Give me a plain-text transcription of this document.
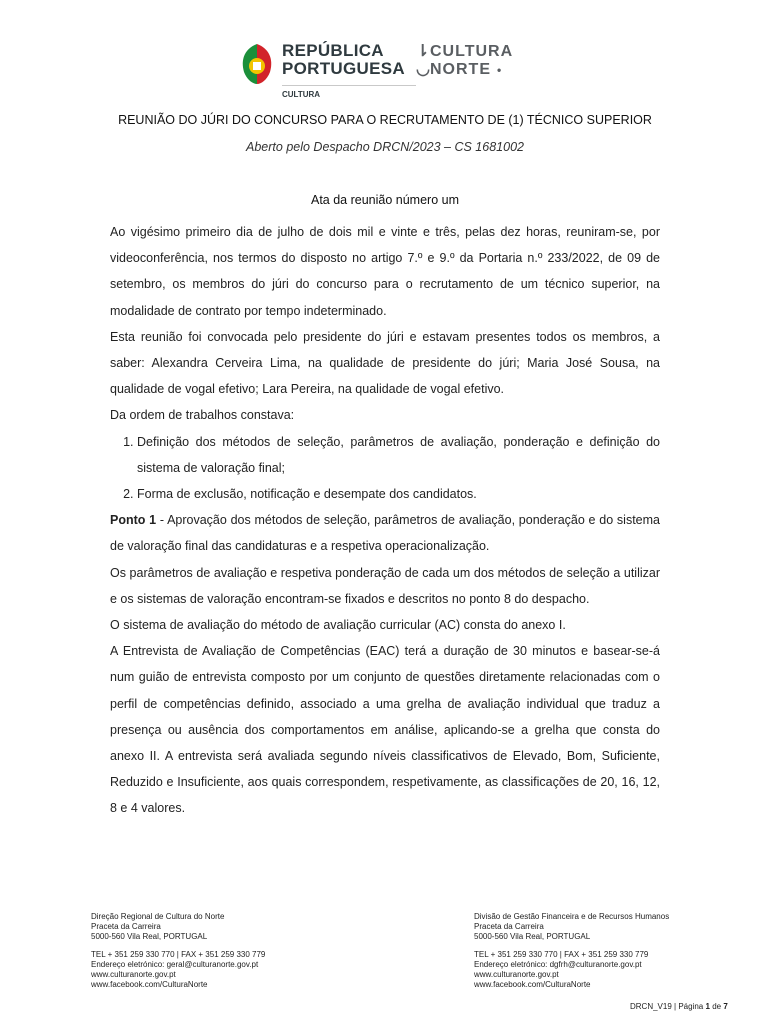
REPÚBLICA
PORTUGUESA
CULTURA
⇂CULTURA
◡NORTE •
REUNIÃO DO JÚRI DO CONCURSO PARA O RECRUTAMENTO DE (1) TÉCNICO SUPERIOR
Aberto pelo Despacho DRCN/2023 – CS 1681002
Ata da reunião número um

Ao vigésimo primeiro dia de julho de dois mil e vinte e três, pelas dez horas, reuniram-se, por videoconferência, nos termos do disposto no artigo 7.º e 9.º da Portaria n.º 233/2022, de 09 de setembro, os membros do júri do concurso para o recrutamento de um técnico superior, na modalidade de contrato por tempo indeterminado.

Esta reunião foi convocada pelo presidente do júri e estavam presentes todos os membros, a saber: Alexandra Cerveira Lima, na qualidade de presidente do júri; Maria José Sousa, na qualidade de vogal efetivo; Lara Pereira, na qualidade de vogal efetivo.

Da ordem de trabalhos constava:

1. Definição dos métodos de seleção, parâmetros de avaliação, ponderação e definição do sistema de valoração final;
2. Forma de exclusão, notificação e desempate dos candidatos.

Ponto 1 - Aprovação dos métodos de seleção, parâmetros de avaliação, ponderação e do sistema de valoração final das candidaturas e a respetiva operacionalização.

Os parâmetros de avaliação e respetiva ponderação de cada um dos métodos de seleção a utilizar e os sistemas de valoração encontram-se fixados e descritos no ponto 8 do despacho.

O sistema de avaliação do método de avaliação curricular (AC) consta do anexo I.

A Entrevista de Avaliação de Competências (EAC) terá a duração de 30 minutos e basear-se-á num guião de entrevista composto por um conjunto de questões diretamente relacionadas com o perfil de competências definido, associado a uma grelha de avaliação individual que traduz a presença ou ausência dos comportamentos em análise, aplicando-se a grelha que consta do anexo II. A entrevista será avaliada segundo níveis classificativos de Elevado, Bom, Suficiente, Reduzido e Insuficiente, aos quais correspondem, respetivamente, as classificações de 20, 16, 12, 8 e 4 valores.

Direção Regional de Cultura do Norte
Praceta da Carreira
5000-560 Vila Real, PORTUGAL
TEL + 351 259 330 770 | FAX + 351 259 330 779
Endereço eletrónico: geral@culturanorte.gov.pt
www.culturanorte.gov.pt
www.facebook.com/CulturaNorte
Divisão de Gestão Financeira e de Recursos Humanos
Praceta da Carreira
5000-560 Vila Real, PORTUGAL
TEL + 351 259 330 770 | FAX + 351 259 330 779
Endereço eletrónico: dgfrh@culturanorte.gov.pt
www.culturanorte.gov.pt
www.facebook.com/CulturaNorte
DRCN_V19 | Página 1 de 7
